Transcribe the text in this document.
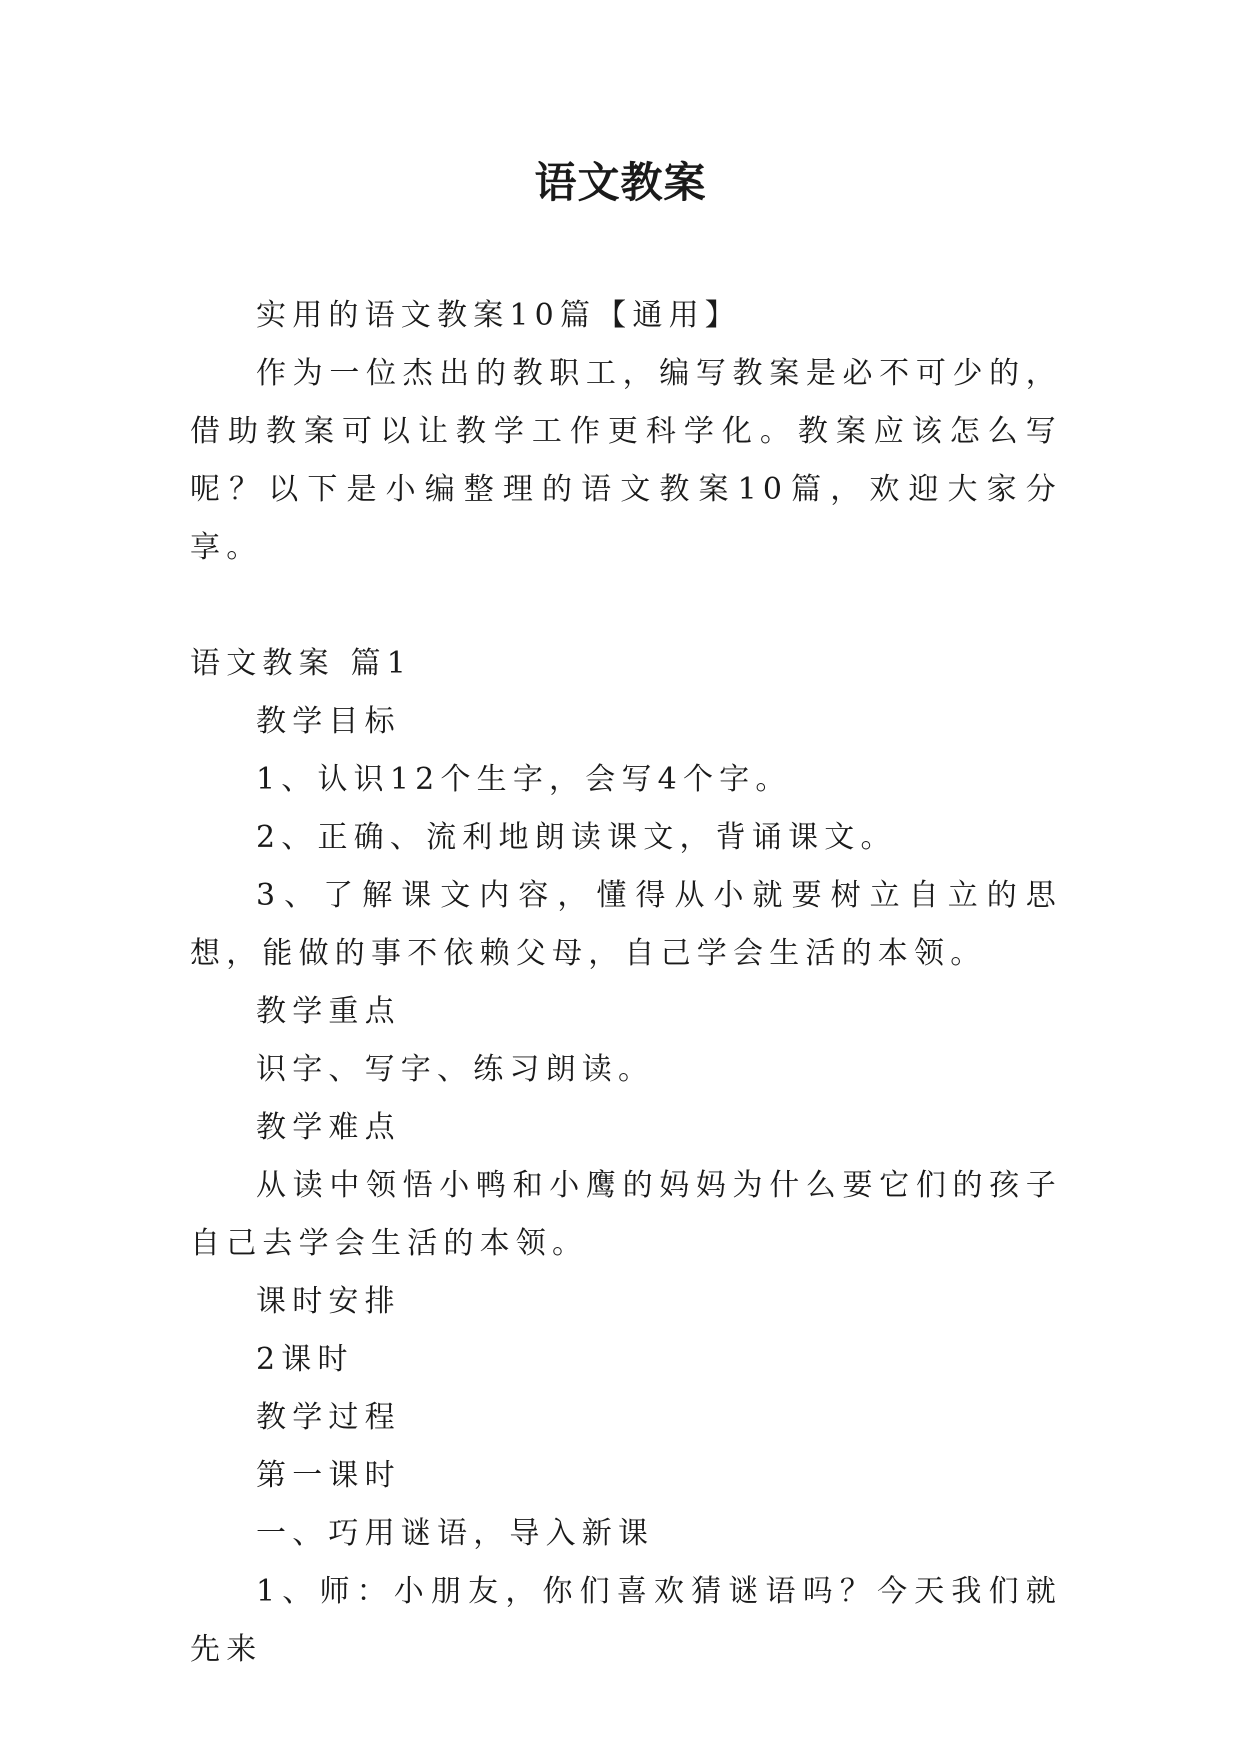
语文教案

实用的语文教案10篇【通用】

作为一位杰出的教职工，编写教案是必不可少的，借助教案可以让教学工作更科学化。教案应该怎么写呢？以下是小编整理的语文教案10篇，欢迎大家分享。

语文教案 篇1

教学目标

1、认识12个生字，会写4个字。

2、正确、流利地朗读课文，背诵课文。

3、了解课文内容，懂得从小就要树立自立的思想，能做的事不依赖父母，自己学会生活的本领。

教学重点

识字、写字、练习朗读。

教学难点

从读中领悟小鸭和小鹰的妈妈为什么要它们的孩子自己去学会生活的本领。

课时安排

2课时

教学过程

第一课时

一、巧用谜语，导入新课

1、师：小朋友，你们喜欢猜谜语吗？今天我们就先来
